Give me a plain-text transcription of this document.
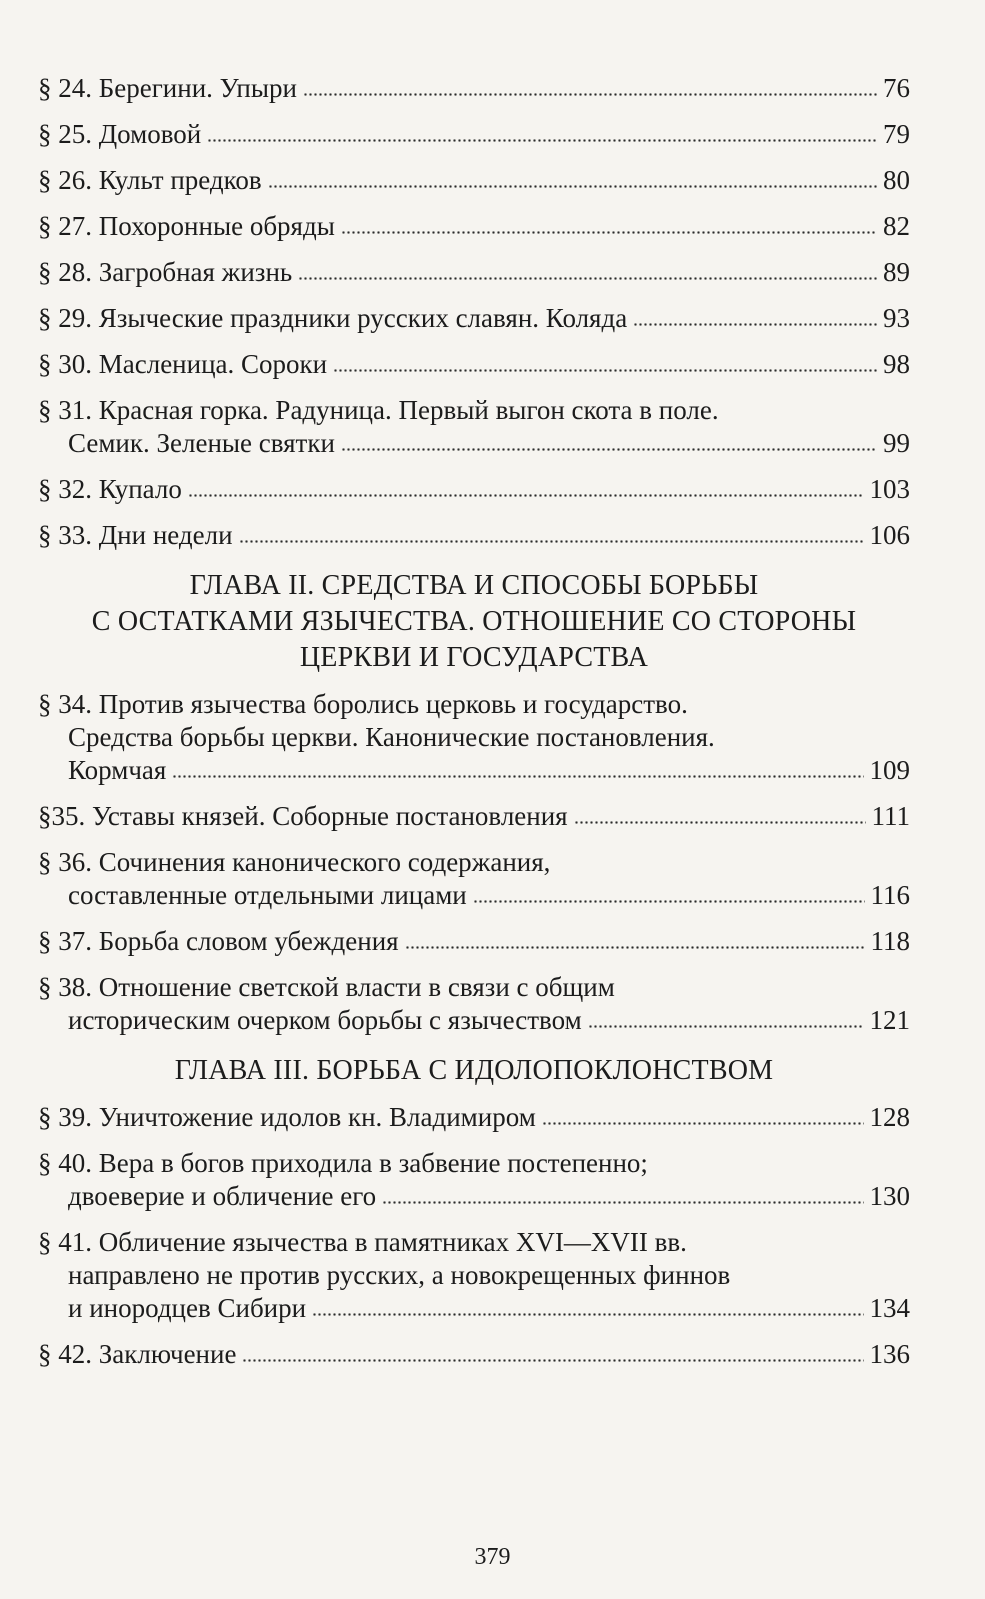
§ 24. Берегини. Упыри	76
§ 25. Домовой	79
§ 26. Культ предков	80
§ 27. Похоронные обряды	82
§ 28. Загробная жизнь	89
§ 29. Языческие праздники русских славян. Коляда	93
§ 30. Масленица. Сороки	98
§ 31. Красная горка. Радуница. Первый выгон скота в поле.
Семик. Зеленые святки	99
§ 32. Купало	103
§ 33. Дни недели	106
ГЛАВА II. СРЕДСТВА И СПОСОБЫ БОРЬБЫ
С ОСТАТКАМИ ЯЗЫЧЕСТВА. ОТНОШЕНИЕ СО СТОРОНЫ
ЦЕРКВИ И ГОСУДАРСТВА
§ 34. Против язычества боролись церковь и государство.
Средства борьбы церкви. Канонические постановления.
Кормчая	109
§35. Уставы князей. Соборные постановления	111
§ 36. Сочинения канонического содержания,
составленные отдельными лицами	116
§ 37. Борьба словом убеждения	118
§ 38. Отношение светской власти в связи с общим
историческим очерком борьбы с язычеством	121
ГЛАВА III. БОРЬБА С ИДОЛОПОКЛОНСТВОМ
§ 39. Уничтожение идолов кн. Владимиром	128
§ 40. Вера в богов приходила в забвение постепенно;
двоеверие и обличение его	130
§ 41. Обличение язычества в памятниках XVI—XVII вв.
направлено не против русских, а новокрещенных финнов
и инородцев Сибири	134
§ 42. Заключение	136
379
